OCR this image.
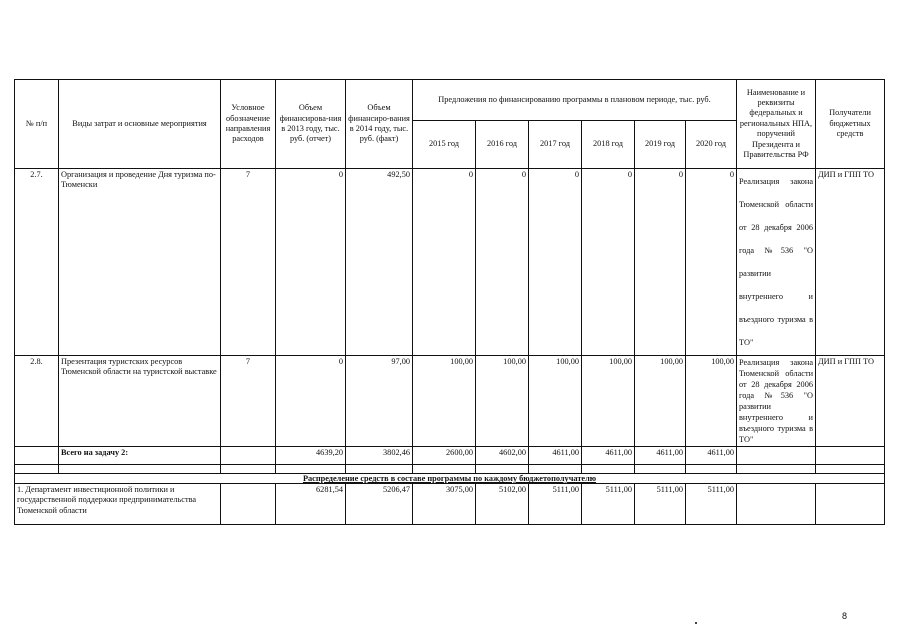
№ п/п	Виды затрат и основные мероприятия	Условное обозначение направления расходов	Объем финансирова-ния в 2013 году, тыс. руб. (отчет)	Объем финансиро-вания в 2014 году, тыс. руб. (факт)	Предложения по финансированию программы в плановом периоде, тыс. руб.						Наименование и реквизиты федеральных и региональных НПА, поручений Президента и Правительства РФ	Получатели бюджетных средств
					2015 год	2016 год	2017 год	2018 год	2019 год	2020 год		
2.7.	Организация и проведение Дня туризма по-Тюменски	7	0	492,50	0	0	0	0	0	0	Реализация закона Тюменской области от 28 декабря 2006 года №536 "О развитии внутреннего и въездного туризма в ТО"	ДИП и ГПП ТО
2.8.	Презентация туристских ресурсов Тюменской области на туристской выставке	7	0	97,00	100,00	100,00	100,00	100,00	100,00	100,00	Реализация закона Тюменской области от 28 декабря 2006 года №536 "О развитии внутреннего и въездного туризма в ТО"	ДИП и ГПП ТО
	Всего на задачу 2:		4639,20	3802,46	2600,00	4602,00	4611,00	4611,00	4611,00	4611,00		

Распределение средств в составе программы по каждому бюджетополучателю												
1. Департамент инвестиционной политики и государственной поддержки предпринимательства Тюменской области			6281,54	5206,47	3075,00	5102,00	5111,00	5111,00	5111,00	5111,00		
8
